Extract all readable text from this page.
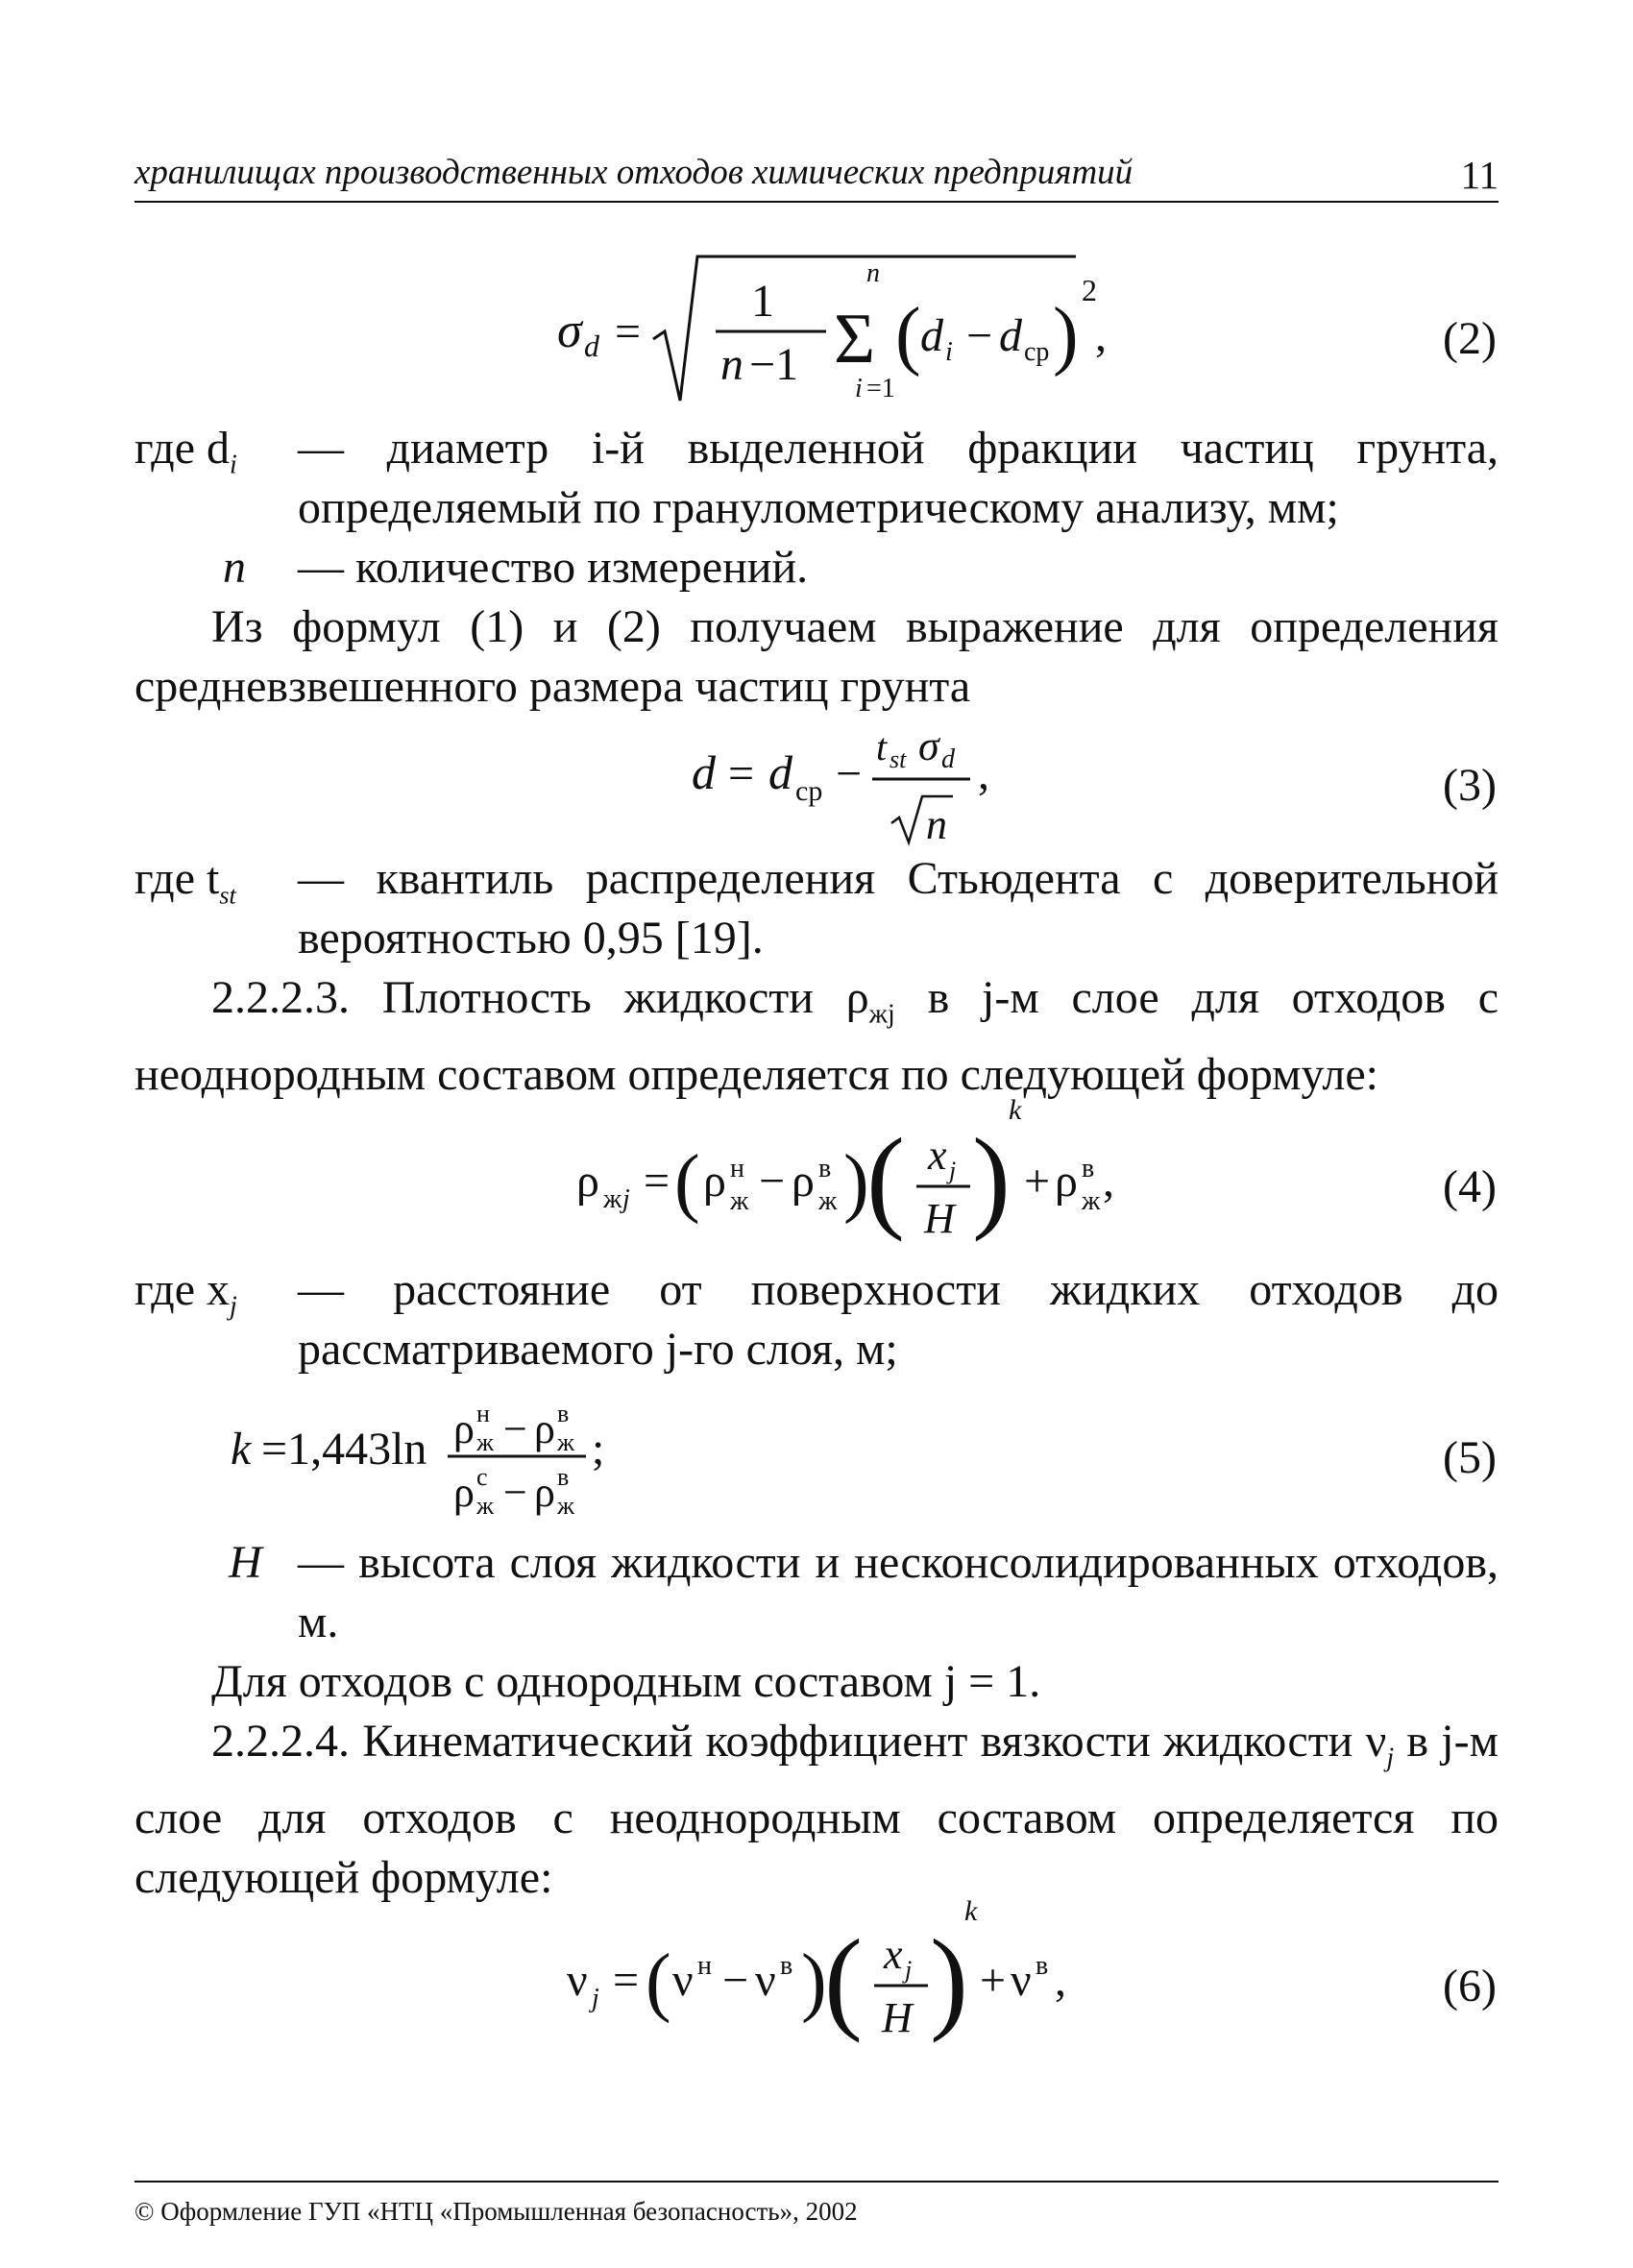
хранилищах производственных отходов химических предприятий	11
σ d =
1
n −1
n
Σ
i =1
( d i − d ср )
2
,	(2)
где $d_i$ — диаметр i-й выделенной фракции частиц грунта, определяемый по гранулометрическому анализу, мм;
n — количество измерений.
Из формул (1) и (2) получаем выражение для определения средневзвешенного размера частиц грунта
d = d ср −
t st σ d
n
,	(3)
где $t_{st}$ — квантиль распределения Стьюдента с доверительной вероятностью 0,95 [19].
2.2.2.3. Плотность жидкости $\rho_{жj}$ в j-м слое для отходов с неоднородным составом определяется по следующей формуле:
ρ ж j = ( ρ н
ж − ρ в
ж )
( x j
H )
k
+ ρ в
ж ,	(4)
где $x_j$ — расстояние от поверхности жидких отходов до рассматриваемого j-го слоя, м;
k =1,443ln ρ н
ж − ρ в
ж
ρ с
ж − ρ в
ж
;	(5)
H — высота слоя жидкости и несконсолидированных отходов, м.
Для отходов с однородным составом j = 1.
2.2.2.4. Кинематический коэффициент вязкости жидкости $\nu_j$ в j-м слое для отходов с неоднородным составом определяется по следующей формуле:
ν j = ( ν н − ν в )
( x j
H )
k
+ ν в ,	(6)
© Оформление ГУП «НТЦ «Промышленная безопасность», 2002
